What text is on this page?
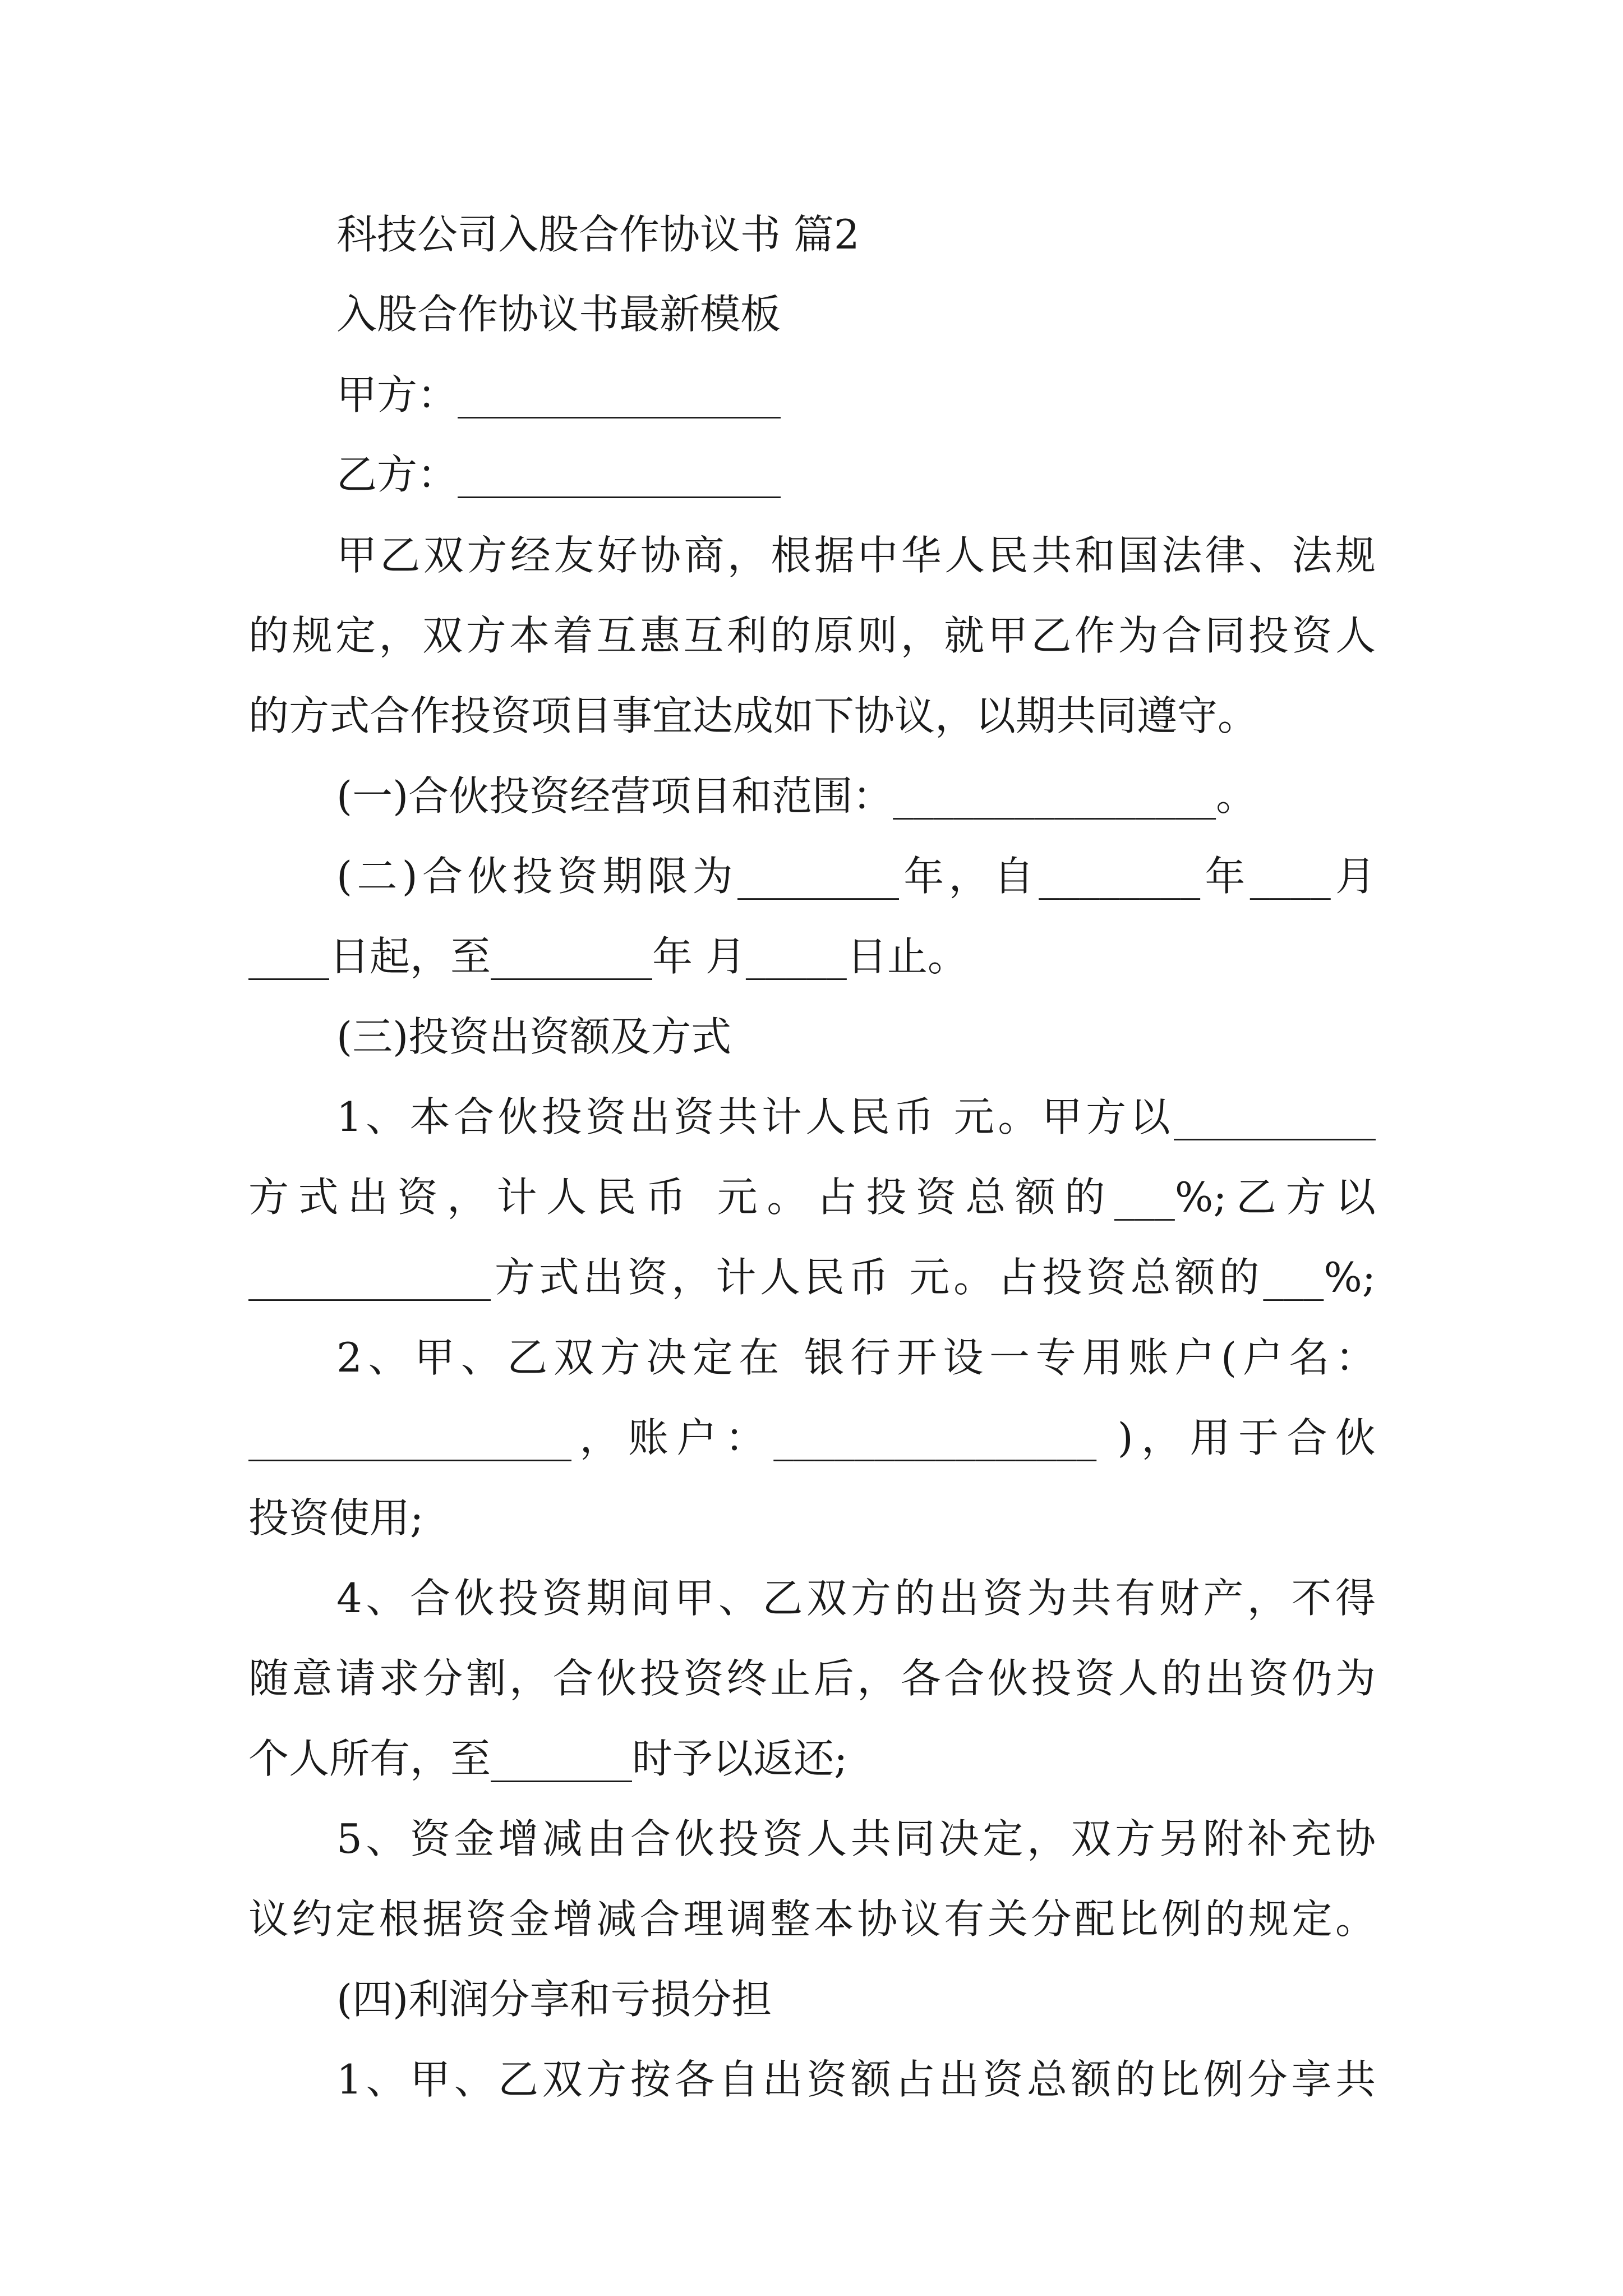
科技公司入股合作协议书 篇2

入股合作协议书最新模板

甲方：________________

乙方：________________

甲乙双方经友好协商，根据中华人民共和国法律、法规

的规定，双方本着互惠互利的原则，就甲乙作为合同投资人

的方式合作投资项目事宜达成如下协议，以期共同遵守。

(一)合伙投资经营项目和范围：________________。

(二)合伙投资期限为________年，自________年____月

____日起，至________年 月_____日止。

(三)投资出资额及方式

1、本合伙投资出资共计人民币 元。甲方以__________

方式出资，计人民币 元。占投资总额的___%;乙方以

____________方式出资，计人民币 元。占投资总额的___%;

2、甲、乙双方决定在 银行开设一专用账户(户名：

________________，账户：________________ )，用于合伙

投资使用;

4、合伙投资期间甲、乙双方的出资为共有财产，不得

随意请求分割，合伙投资终止后，各合伙投资人的出资仍为

个人所有，至_______时予以返还;

5、资金增减由合伙投资人共同决定，双方另附补充协

议约定根据资金增减合理调整本协议有关分配比例的规定。

(四)利润分享和亏损分担

1、甲、乙双方按各自出资额占出资总额的比例分享共
